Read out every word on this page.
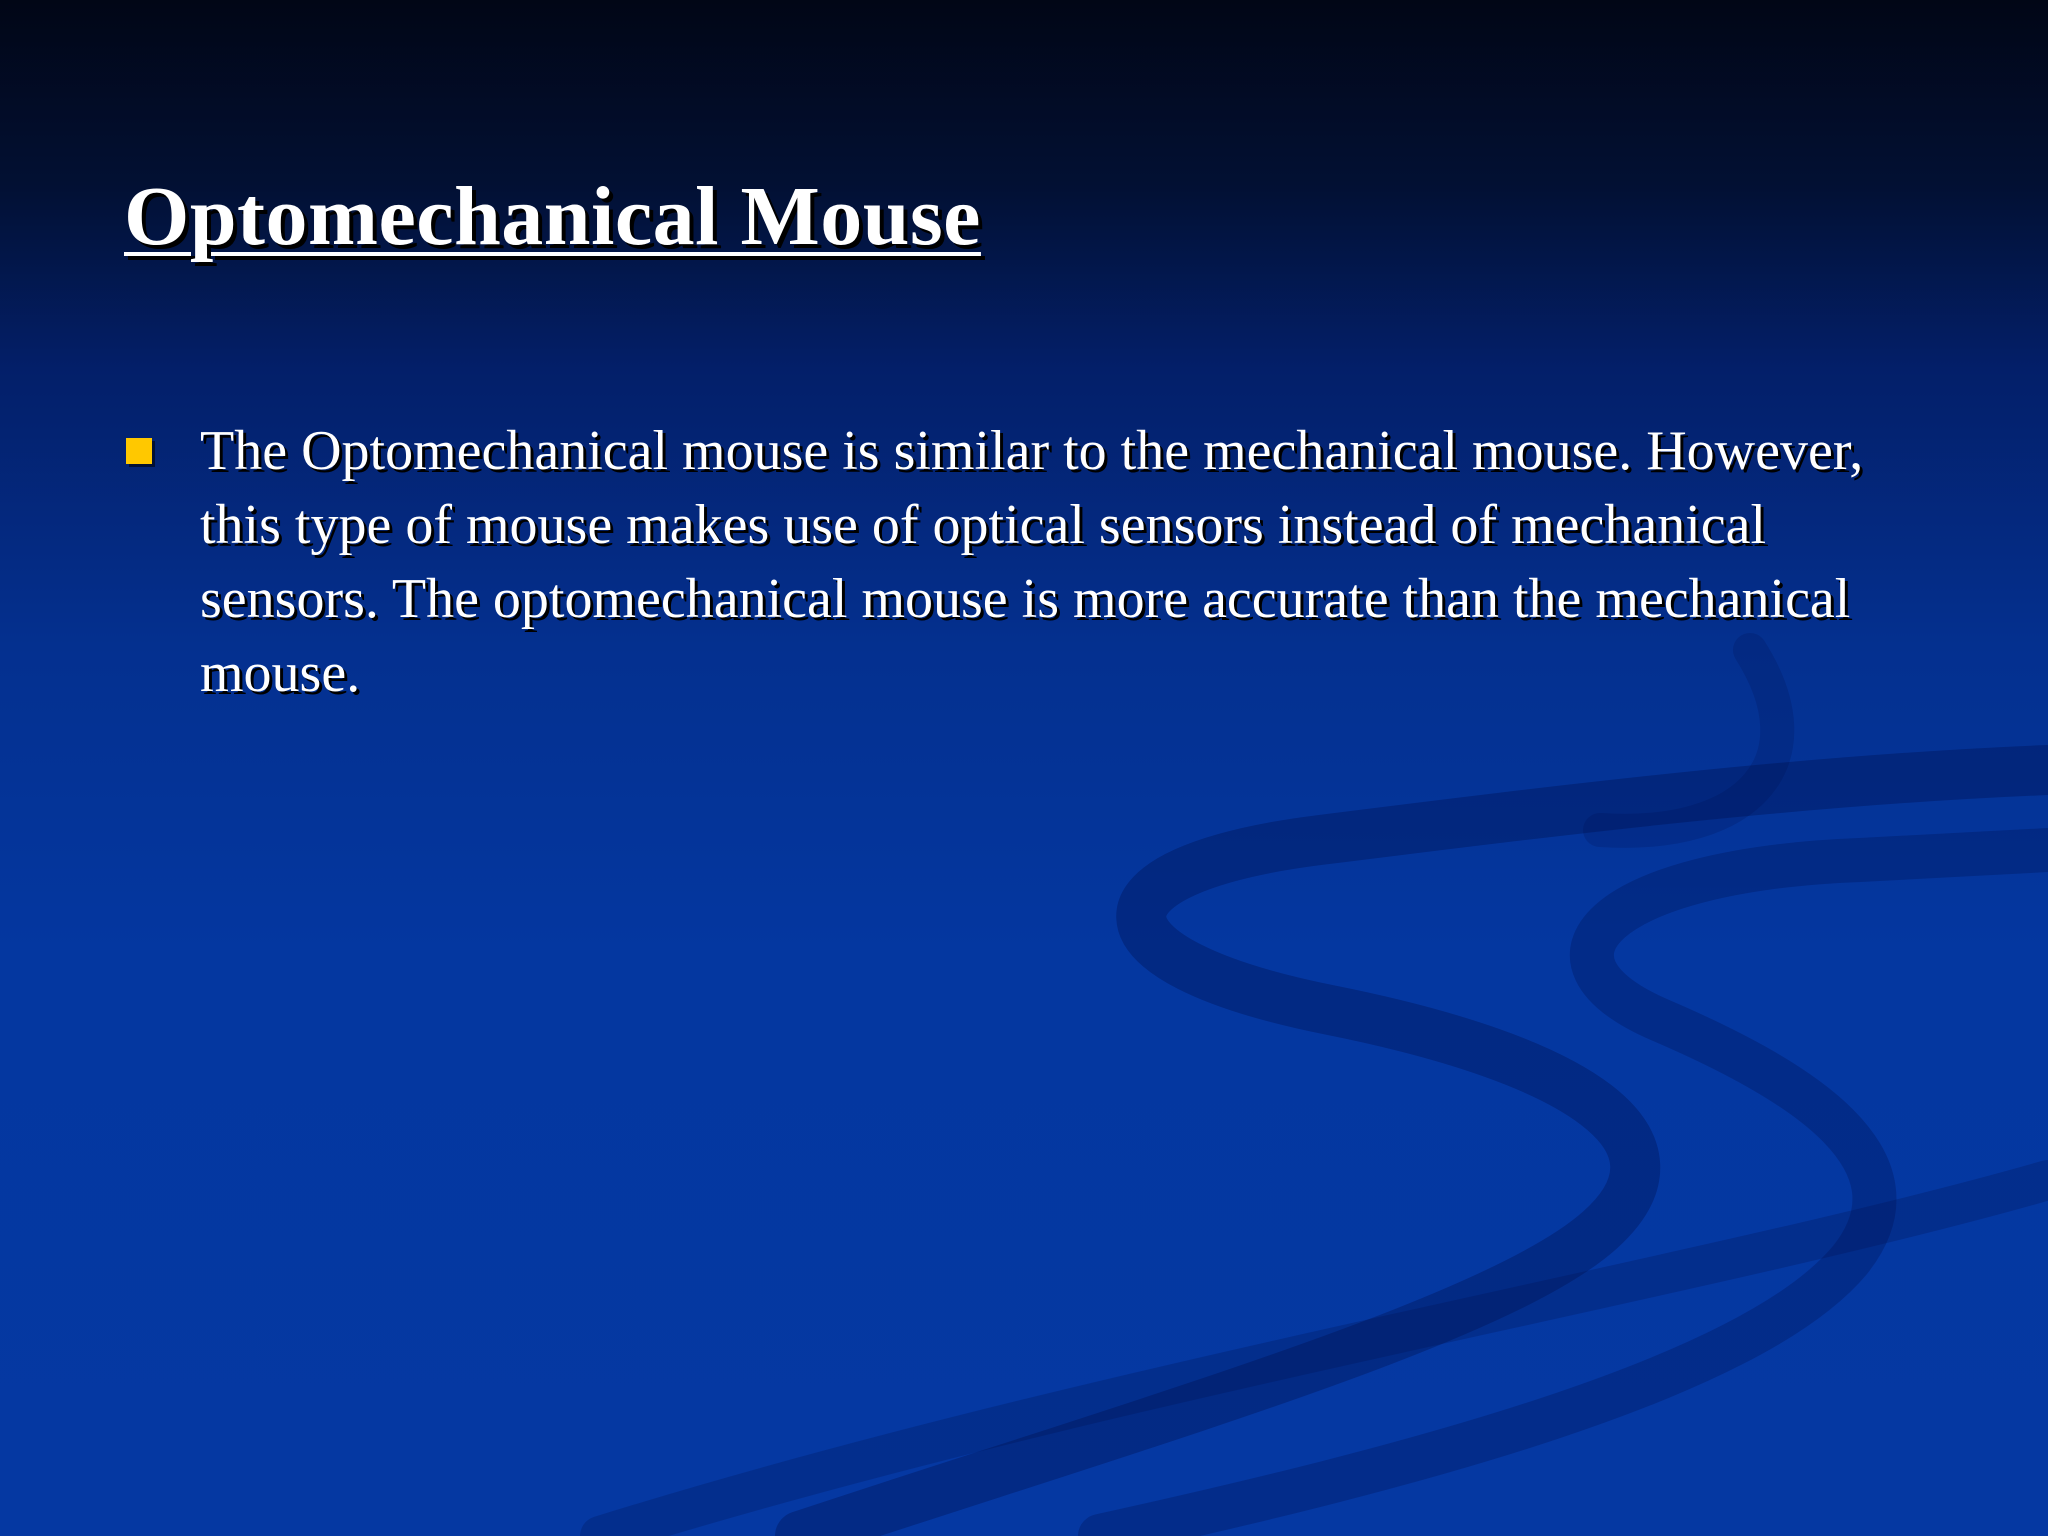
Optomechanical Mouse
The Optomechanical mouse is similar to the mechanical mouse. However, this type of mouse makes use of optical sensors instead of mechanical sensors. The optomechanical mouse is more accurate than the mechanical mouse.
